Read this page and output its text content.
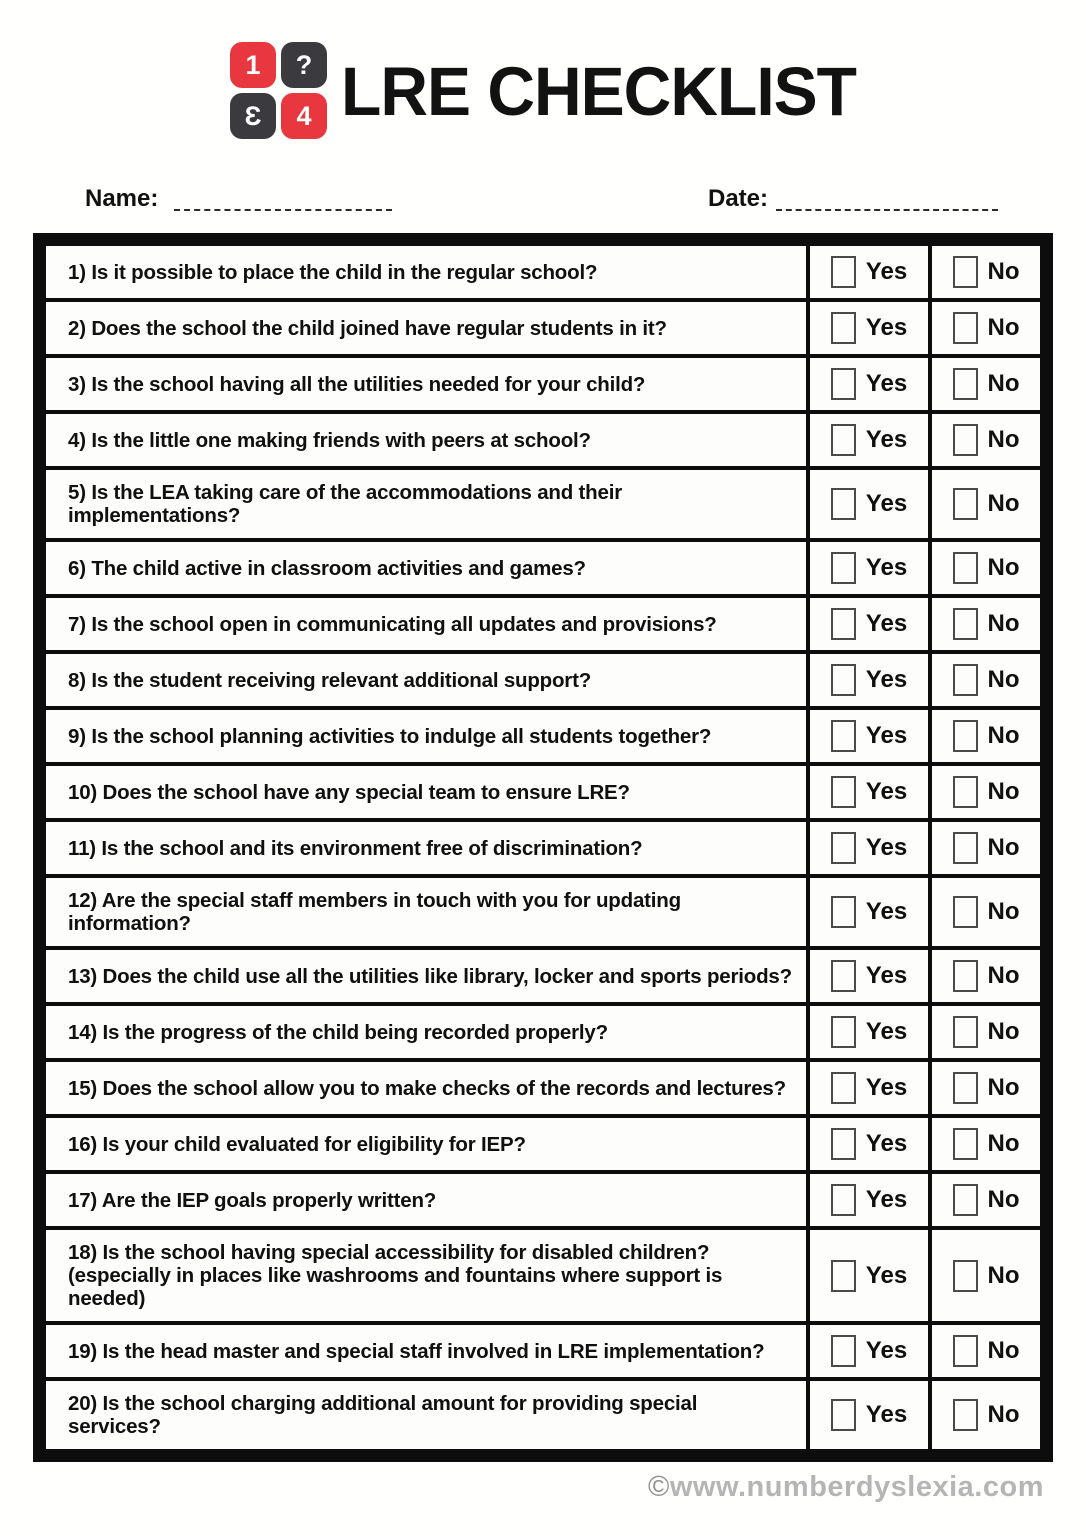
1	?
Ɛ	4 LRE CHECKLIST
Name:	Date:
1) Is it possible to place the child in the regular school?	Yes	No

2) Does the school the child joined have regular students in it?	Yes	No

3) Is the school having all the utilities needed for your child?	Yes	No

4) Is the little one making friends with peers at school?	Yes	No

5) Is the LEA taking care of the accommodations and their implementations?	Yes	No

6) The child active in classroom activities and games?	Yes	No

7) Is the school open in communicating all updates and provisions?	Yes	No

8) Is the student receiving relevant additional support?	Yes	No

9) Is the school planning activities to indulge all students together?	Yes	No

10) Does the school have any special team to ensure LRE?	Yes	No

11) Is the school and its environment free of discrimination?	Yes	No

12) Are the special staff members in touch with you for updating information?	Yes	No

13) Does the child use all the utilities like library, locker and sports periods?	Yes	No

14) Is the progress of the child being recorded properly?	Yes	No

15) Does the school allow you to make checks of the records and lectures?	Yes	No

16) Is your child evaluated for eligibility for IEP?	Yes	No

17) Are the IEP goals properly written?	Yes	No

18) Is the school having special accessibility for disabled children? (especially in places like washrooms and fountains where support is needed)	Yes	No

19) Is the head master and special staff involved in LRE implementation?	Yes	No

20) Is the school charging additional amount for providing special services?	Yes	No
©www.numberdyslexia.com
